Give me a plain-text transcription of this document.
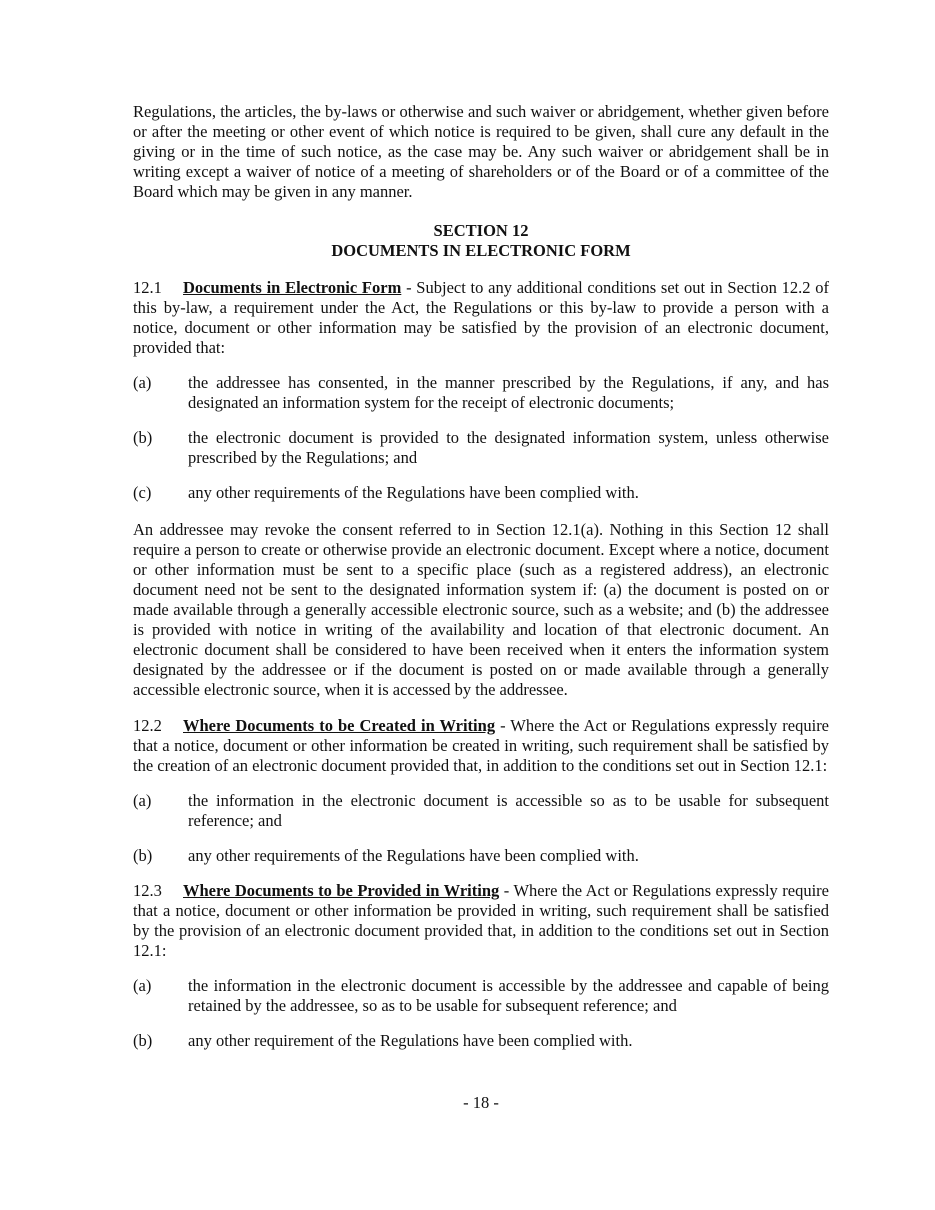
Regulations, the articles, the by-laws or otherwise and such waiver or abridgement, whether given before or after the meeting or other event of which notice is required to be given, shall cure any default in the giving or in the time of such notice, as the case may be. Any such waiver or abridgement shall be in writing except a waiver of notice of a meeting of shareholders or of the Board or of a committee of the Board which may be given in any manner.

SECTION 12
DOCUMENTS IN ELECTRONIC FORM

12.1 Documents in Electronic Form - Subject to any additional conditions set out in Section 12.2 of this by-law, a requirement under the Act, the Regulations or this by-law to provide a person with a notice, document or other information may be satisfied by the provision of an electronic document, provided that:

(a)	the addressee has consented, in the manner prescribed by the Regulations, if any, and has designated an information system for the receipt of electronic documents;
(b)	the electronic document is provided to the designated information system, unless otherwise prescribed by the Regulations; and
(c)	any other requirements of the Regulations have been complied with.

An addressee may revoke the consent referred to in Section 12.1(a). Nothing in this Section 12 shall require a person to create or otherwise provide an electronic document. Except where a notice, document or other information must be sent to a specific place (such as a registered address), an electronic document need not be sent to the designated information system if: (a) the document is posted on or made available through a generally accessible electronic source, such as a website; and (b) the addressee is provided with notice in writing of the availability and location of that electronic document. An electronic document shall be considered to have been received when it enters the information system designated by the addressee or if the document is posted on or made available through a generally accessible electronic source, when it is accessed by the addressee.

12.2 Where Documents to be Created in Writing - Where the Act or Regulations expressly require that a notice, document or other information be created in writing, such requirement shall be satisfied by the creation of an electronic document provided that, in addition to the conditions set out in Section 12.1:

(a)	the information in the electronic document is accessible so as to be usable for subsequent reference; and
(b)	any other requirements of the Regulations have been complied with.

12.3 Where Documents to be Provided in Writing - Where the Act or Regulations expressly require that a notice, document or other information be provided in writing, such requirement shall be satisfied by the provision of an electronic document provided that, in addition to the conditions set out in Section 12.1:

(a)	the information in the electronic document is accessible by the addressee and capable of being retained by the addressee, so as to be usable for subsequent reference; and
(b)	any other requirement of the Regulations have been complied with.
- 18 -
